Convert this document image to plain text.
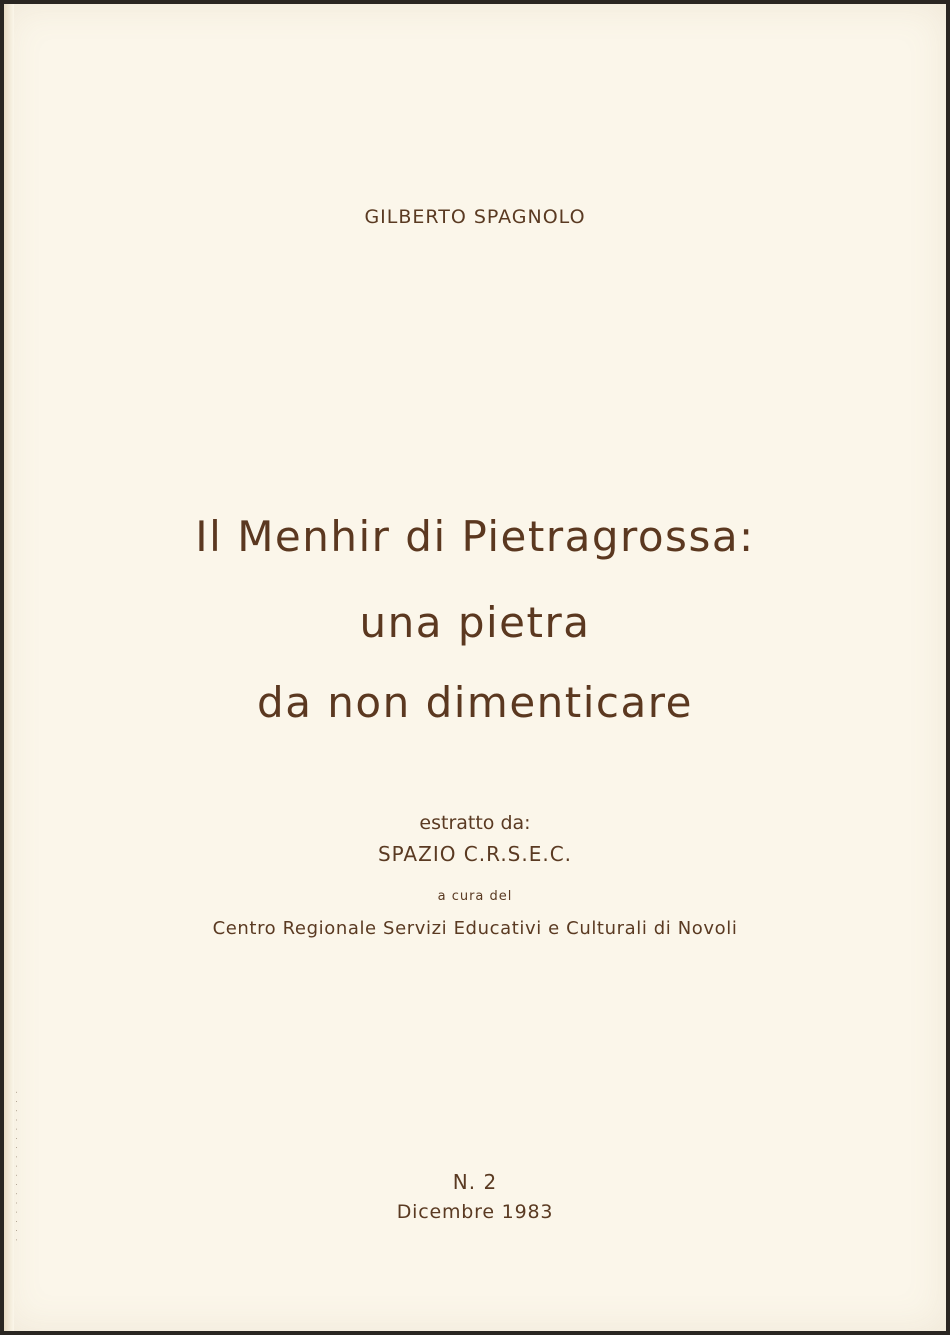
GILBERTO SPAGNOLO
Il Menhir di Pietragrossa:
una pietra
da non dimenticare
estratto da:
SPAZIO C.R.S.E.C.
a cura del
Centro Regionale Servizi Educativi e Culturali di Novoli
N. 2
Dicembre 1983
· · · · · · · · · · · · · · · · ·
